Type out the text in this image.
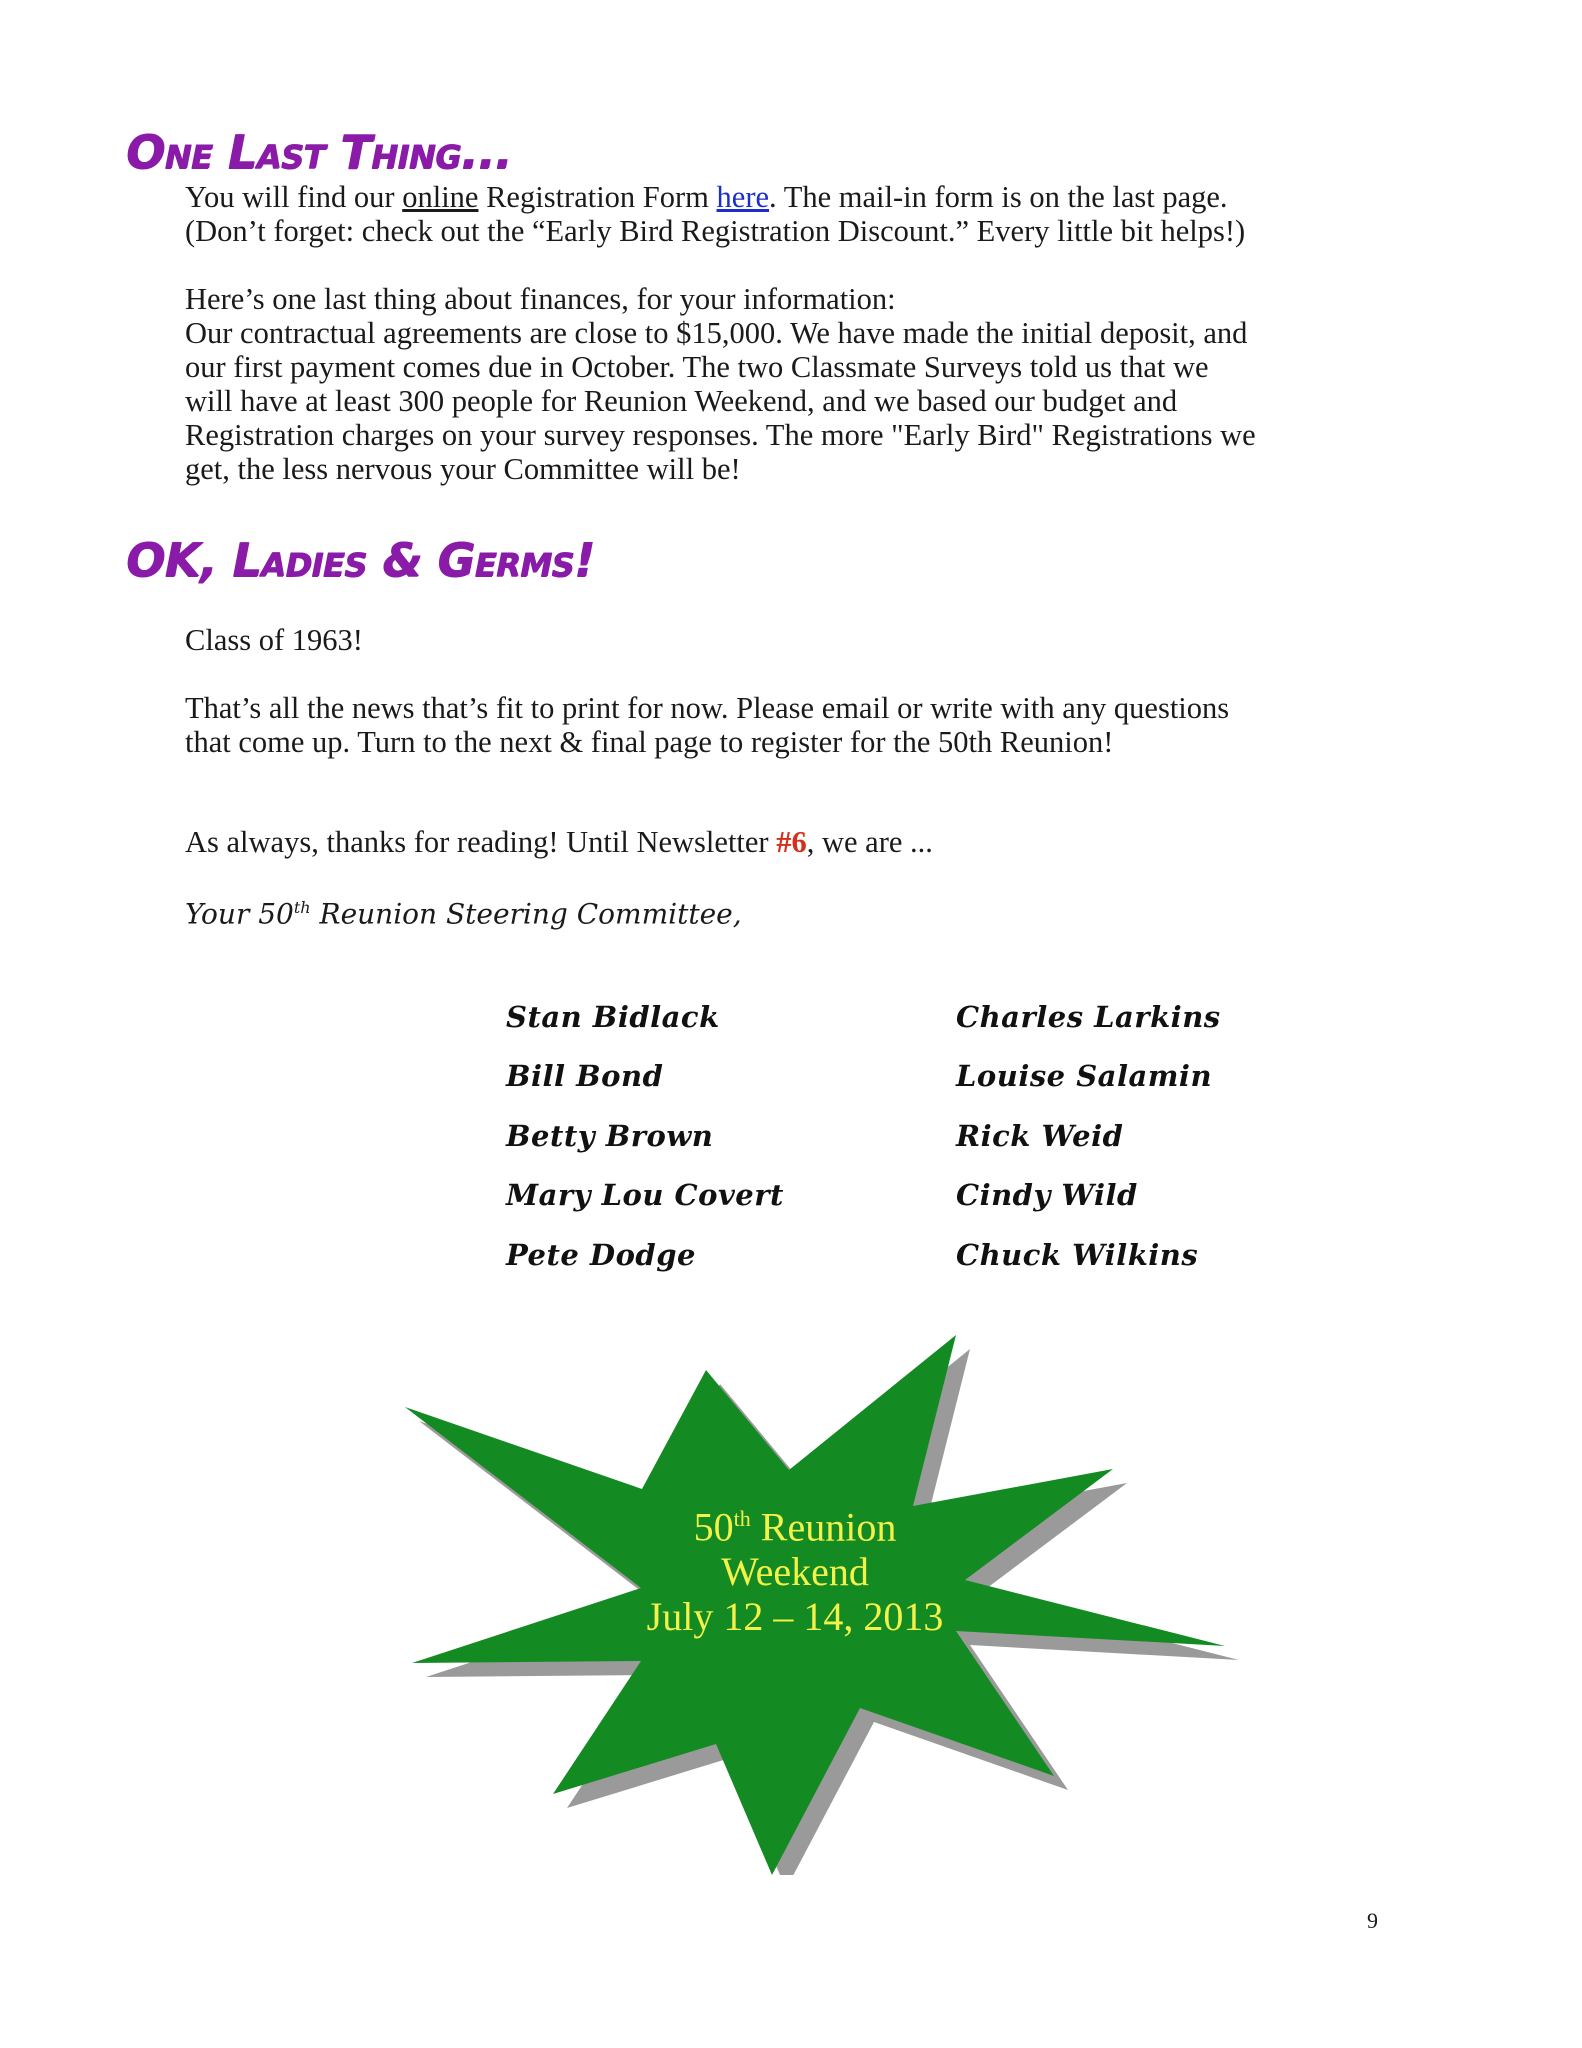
One Last Thing...
You will find our online Registration Form here. The mail-in form is on the last page.
(Don’t forget: check out the “Early Bird Registration Discount.” Every little bit helps!)
Here’s one last thing about finances, for your information:
Our contractual agreements are close to $15,000. We have made the initial deposit, and
our first payment comes due in October. The two Classmate Surveys told us that we
will have at least 300 people for Reunion Weekend, and we based our budget and
Registration charges on your survey responses. The more "Early Bird" Registrations we
get, the less nervous your Committee will be!
OK, Ladies & Germs!
Class of 1963!
That’s all the news that’s fit to print for now. Please email or write with any questions
that come up. Turn to the next & final page to register for the 50th Reunion!
As always, thanks for reading! Until Newsletter #6, we are ...
Your 50th Reunion Steering Committee,
Stan Bidlack
Bill Bond
Betty Brown
Mary Lou Covert
Pete Dodge
Charles Larkins
Louise Salamin
Rick Weid
Cindy Wild
Chuck Wilkins
50th Reunion
Weekend
July 12 – 14, 2013
9
